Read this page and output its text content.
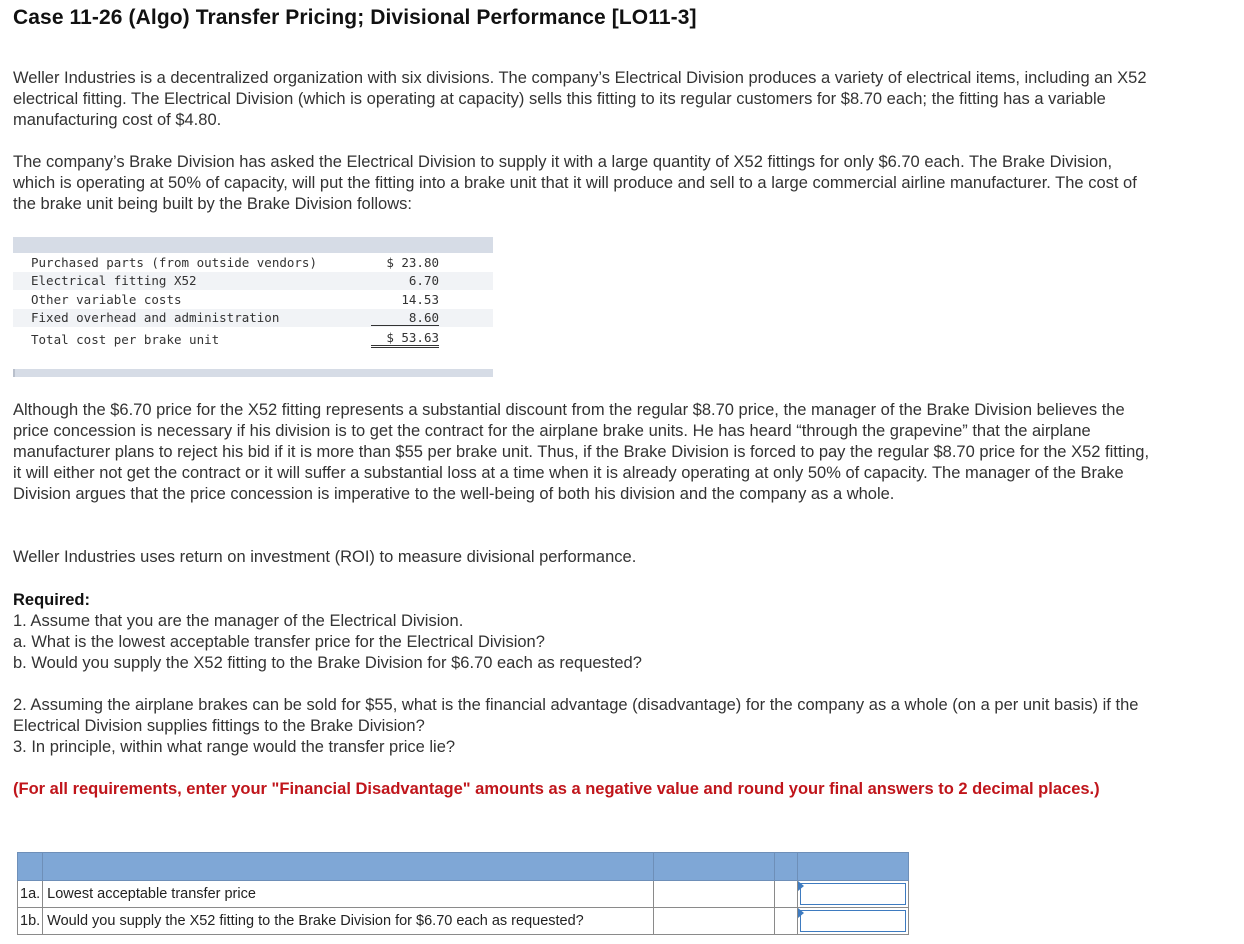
Case 11-26 (Algo) Transfer Pricing; Divisional Performance [LO11-3]

Weller Industries is a decentralized organization with six divisions. The company’s Electrical Division produces a variety of electrical items, including an X52 electrical fitting. The Electrical Division (which is operating at capacity) sells this fitting to its regular customers for $8.70 each; the fitting has a variable manufacturing cost of $4.80.

The company’s Brake Division has asked the Electrical Division to supply it with a large quantity of X52 fittings for only $6.70 each. The Brake Division, which is operating at 50% of capacity, will put the fitting into a brake unit that it will produce and sell to a large commercial airline manufacturer. The cost of the brake unit being built by the Brake Division follows:

Purchased parts (from outside vendors)	$ 23.80
Electrical fitting X52	6.70
Other variable costs	14.53
Fixed overhead and administration	8.60
Total cost per brake unit	$ 53.63

Although the $6.70 price for the X52 fitting represents a substantial discount from the regular $8.70 price, the manager of the Brake Division believes the price concession is necessary if his division is to get the contract for the airplane brake units. He has heard “through the grapevine” that the airplane manufacturer plans to reject his bid if it is more than $55 per brake unit. Thus, if the Brake Division is forced to pay the regular $8.70 price for the X52 fitting, it will either not get the contract or it will suffer a substantial loss at a time when it is already operating at only 50% of capacity. The manager of the Brake Division argues that the price concession is imperative to the well-being of both his division and the company as a whole.

Weller Industries uses return on investment (ROI) to measure divisional performance.

Required:
1. Assume that you are the manager of the Electrical Division.
a. What is the lowest acceptable transfer price for the Electrical Division?
b. Would you supply the X52 fitting to the Brake Division for $6.70 each as requested?
2. Assuming the airplane brakes can be sold for $55, what is the financial advantage (disadvantage) for the company as a whole (on a per unit basis) if the Electrical Division supplies fittings to the Brake Division?
3. In principle, within what range would the transfer price lie?
(For all requirements, enter your "Financial Disadvantage" amounts as a negative value and round your final answers to 2 decimal places.)

1a.	Lowest acceptable transfer price			

1b.	Would you supply the X52 fitting to the Brake Division for $6.70 each as requested?			
